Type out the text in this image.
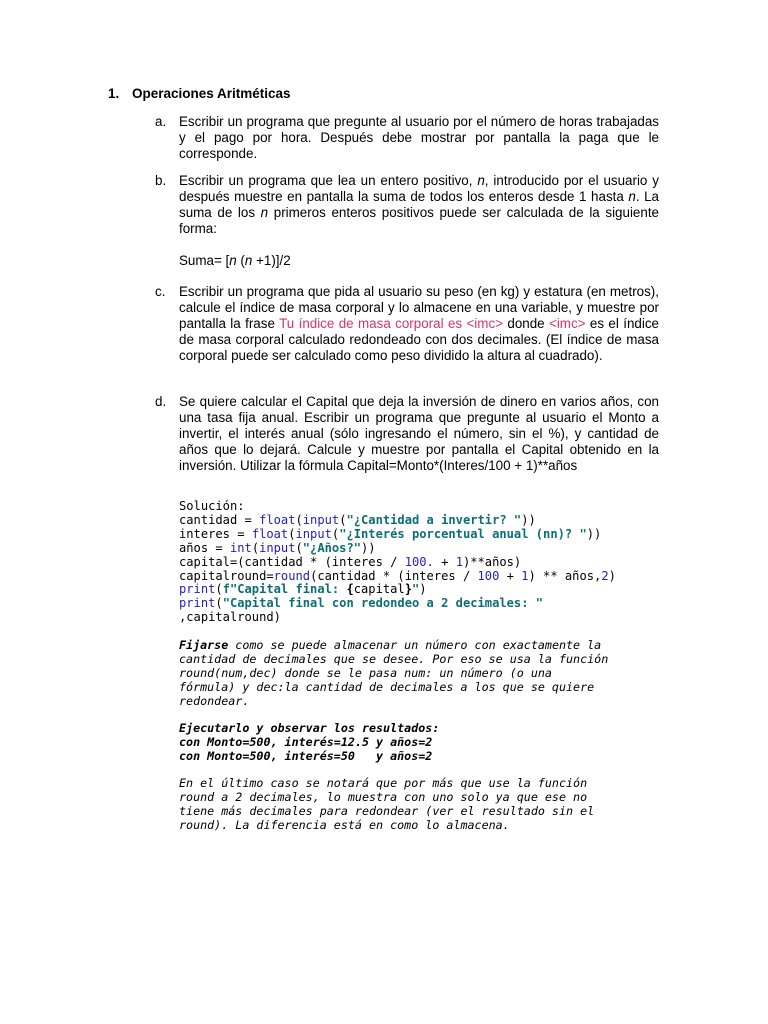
1. Operaciones Aritméticas
a. Escribir un programa que pregunte al usuario por el número de horas trabajadas y el pago por hora. Después debe mostrar por pantalla la paga que le corresponde.
b. Escribir un programa que lea un entero positivo, n, introducido por el usuario y después muestre en pantalla la suma de todos los enteros desde 1 hasta n. La suma de los n primeros enteros positivos puede ser calculada de la siguiente forma:
Suma= [n (n +1)]/2
c. Escribir un programa que pida al usuario su peso (en kg) y estatura (en metros), calcule el índice de masa corporal y lo almacene en una variable, y muestre por pantalla la frase Tu índice de masa corporal es <imc> donde <imc> es el índice de masa corporal calculado redondeado con dos decimales. (El índice de masa corporal puede ser calculado como peso dividido la altura al cuadrado).
d. Se quiere calcular el Capital que deja la inversión de dinero en varios años, con una tasa fija anual. Escribir un programa que pregunte al usuario el Monto a invertir, el interés anual (sólo ingresando el número, sin el %), y cantidad de años que lo dejará. Calcule y muestre por pantalla el Capital obtenido en la inversión. Utilizar la fórmula Capital=Monto*(Interes/100 + 1)**años
Solución:
cantidad = float(input("¿Cantidad a invertir? "))
interes = float(input("¿Interés porcentual anual (nn)? "))
años = int(input("¿Años?"))
capital=(cantidad * (interes / 100. + 1)**años)
capitalround=round(cantidad * (interes / 100 + 1) ** años,2)
print(f"Capital final: {capital}")
print("Capital final con redondeo a 2 decimales: "
,capitalround)
Fijarse como se puede almacenar un número con exactamente la
cantidad de decimales que se desee. Por eso se usa la función
round(num,dec) donde se le pasa num: un número (o una
fórmula) y dec:la cantidad de decimales a los que se quiere
redondear.
Ejecutarlo y observar los resultados:
con Monto=500, interés=12.5 y años=2
con Monto=500, interés=50   y años=2
En el último caso se notará que por más que use la función
round a 2 decimales, lo muestra con uno solo ya que ese no
tiene más decimales para redondear (ver el resultado sin el
round). La diferencia está en como lo almacena.
